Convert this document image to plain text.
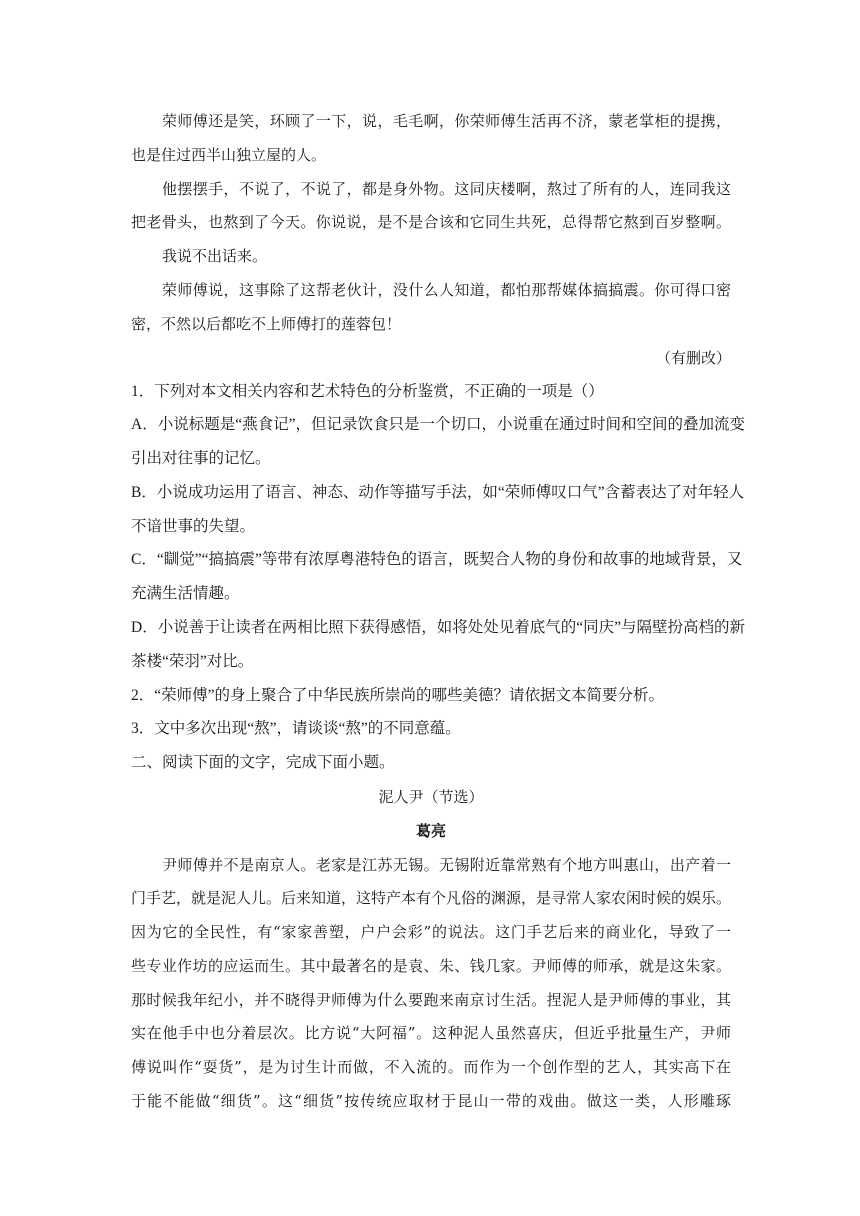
荣师傅还是笑，环顾了一下，说，毛毛啊，你荣师傅生活再不济，蒙老掌柜的提携，
也是住过西半山独立屋的人。
他摆摆手，不说了，不说了，都是身外物。这同庆楼啊，熬过了所有的人，连同我这
把老骨头，也熬到了今天。你说说，是不是合该和它同生共死，总得帮它熬到百岁整啊。
我说不出话来。
荣师傅说，这事除了这帮老伙计，没什么人知道，都怕那帮媒体搞搞震。你可得口密
密，不然以后都吃不上师傅打的莲蓉包！
（有删改）
1．下列对本文相关内容和艺术特色的分析鉴赏，不正确的一项是（）
A．小说标题是“燕食记”，但记录饮食只是一个切口，小说重在通过时间和空间的叠加流变
引出对往事的记忆。
B．小说成功运用了语言、神态、动作等描写手法，如“荣师傅叹口气”含蓄表达了对年轻人
不谙世事的失望。
C．“瞓觉”“搞搞震”等带有浓厚粤港特色的语言，既契合人物的身份和故事的地域背景，又
充满生活情趣。
D．小说善于让读者在两相比照下获得感悟，如将处处见着底气的“同庆”与隔壁扮高档的新
茶楼“荣羽”对比。
2．“荣师傅”的身上聚合了中华民族所崇尚的哪些美德？请依据文本简要分析。
3．文中多次出现“熬”，请谈谈“熬”的不同意蕴。
二、阅读下面的文字，完成下面小题。
泥人尹（节选）
葛亮
尹师傅并不是南京人。老家是江苏无锡。无锡附近靠常熟有个地方叫惠山，出产着一
门手艺，就是泥人儿。后来知道，这特产本有个凡俗的渊源，是寻常人家农闲时候的娱乐。
因为它的全民性，有“家家善塑，户户会彩”的说法。这门手艺后来的商业化，导致了一
些专业作坊的应运而生。其中最著名的是袁、朱、钱几家。尹师傅的师承，就是这朱家。
那时候我年纪小，并不晓得尹师傅为什么要跑来南京讨生活。捏泥人是尹师傅的事业，其
实在他手中也分着层次。比方说“大阿福”。这种泥人虽然喜庆，但近乎批量生产，尹师
傅说叫作“耍货”，是为讨生计而做，不入流的。而作为一个创作型的艺人，其实高下在
于能不能做“细货”。这“细货”按传统应取材于昆山一带的戏曲。做这一类，人形雕琢
